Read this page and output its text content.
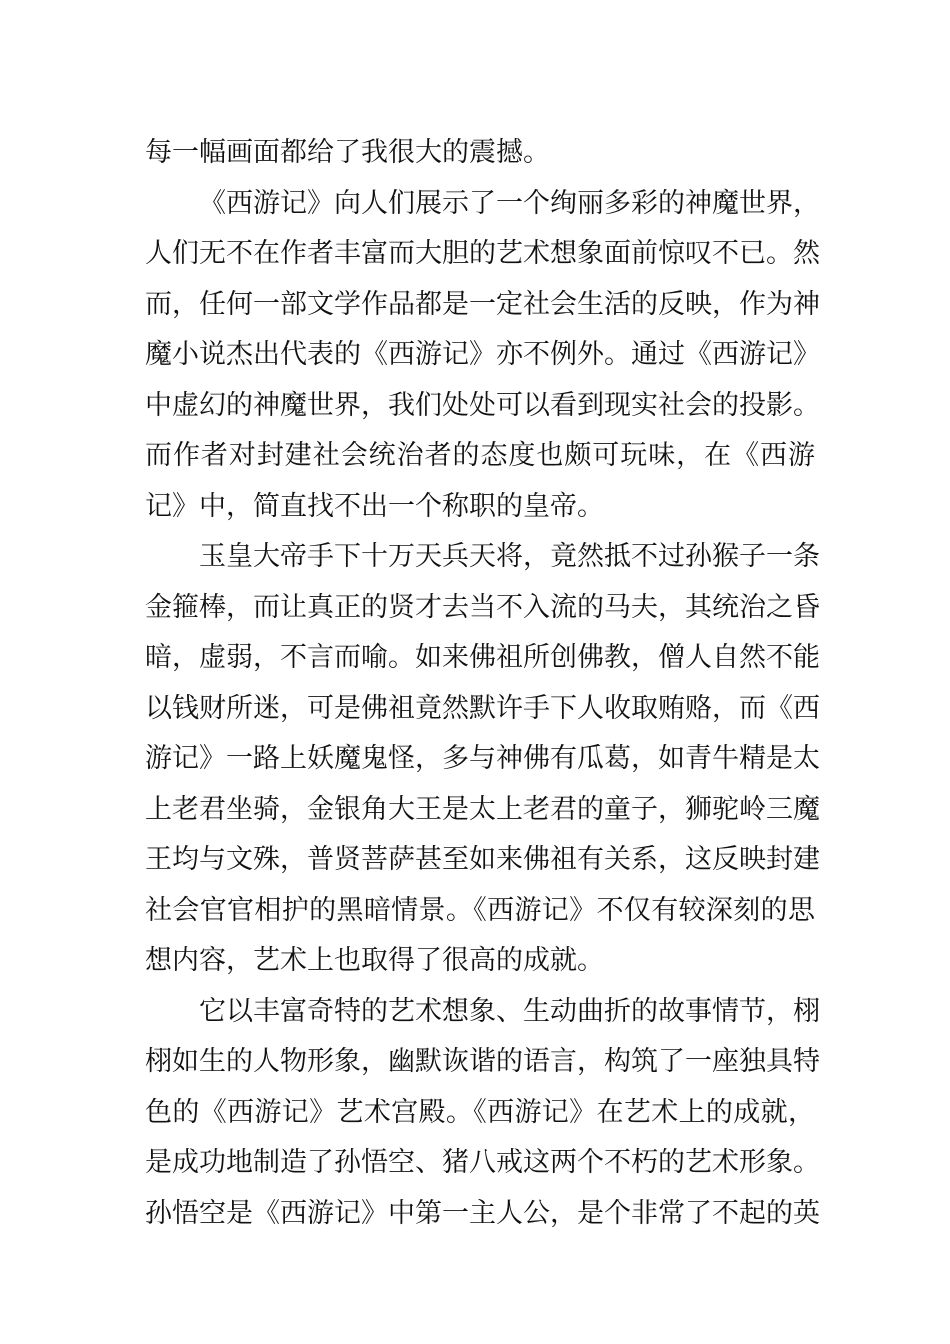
每一幅画面都给了我很大的震撼。
《西游记》向人们展示了一个绚丽多彩的神魔世界，
人们无不在作者丰富而大胆的艺术想象面前惊叹不已。然
而，任何一部文学作品都是一定社会生活的反映，作为神
魔小说杰出代表的《西游记》亦不例外。通过《西游记》
中虚幻的神魔世界，我们处处可以看到现实社会的投影。
而作者对封建社会统治者的态度也颇可玩味，在《西游
记》中，简直找不出一个称职的皇帝。
玉皇大帝手下十万天兵天将，竟然抵不过孙猴子一条
金箍棒，而让真正的贤才去当不入流的马夫，其统治之昏
暗，虚弱，不言而喻。如来佛祖所创佛教，僧人自然不能
以钱财所迷，可是佛祖竟然默许手下人收取贿赂，而《西
游记》一路上妖魔鬼怪，多与神佛有瓜葛，如青牛精是太
上老君坐骑，金银角大王是太上老君的童子，狮驼岭三魔
王均与文殊，普贤菩萨甚至如来佛祖有关系，这反映封建
社会官官相护的黑暗情景。《西游记》不仅有较深刻的思
想内容，艺术上也取得了很高的成就。
它以丰富奇特的艺术想象、生动曲折的故事情节，栩
栩如生的人物形象，幽默诙谐的语言，构筑了一座独具特
色的《西游记》艺术宫殿。《西游记》在艺术上的成就，
是成功地制造了孙悟空、猪八戒这两个不朽的艺术形象。
孙悟空是《西游记》中第一主人公，是个非常了不起的英
